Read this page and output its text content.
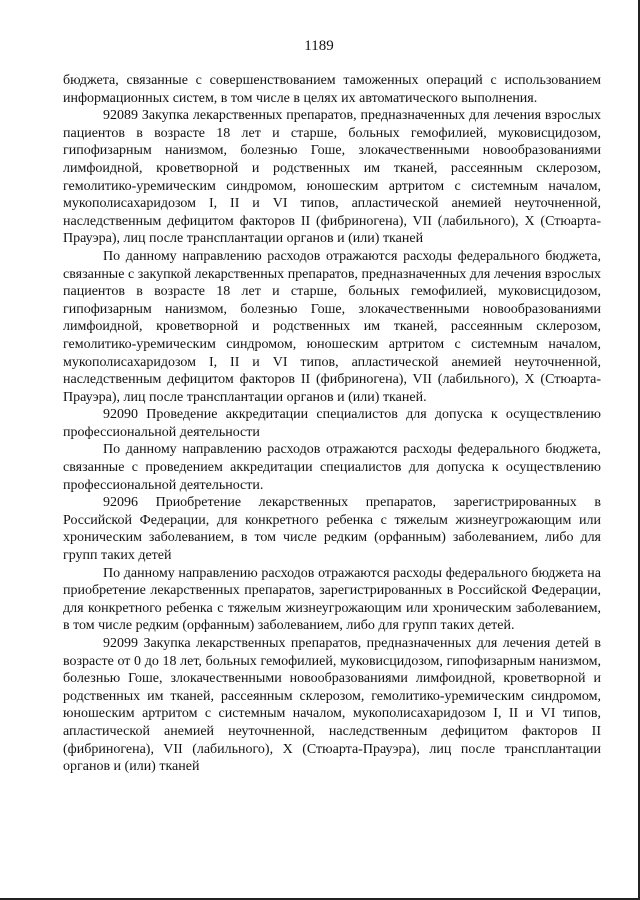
1189

бюджета, связанные с совершенствованием таможенных операций с использованием информационных систем, в том числе в целях их автоматического выполнения.

92089 Закупка лекарственных препаратов, предназначенных для лечения взрослых пациентов в возрасте 18 лет и старше, больных гемофилией, муковисцидозом, гипофизарным нанизмом, болезнью Гоше, злокачественными новообразованиями лимфоидной, кроветворной и родственных им тканей, рассеянным склерозом, гемолитико-уремическим синдромом, юношеским артритом с системным началом, мукополисахаридозом I, II и VI типов, апластической анемией неуточненной, наследственным дефицитом факторов II (фибриногена), VII (лабильного), X (Стюарта-Прауэра), лиц после трансплантации органов и (или) тканей

По данному направлению расходов отражаются расходы федерального бюджета, связанные с закупкой лекарственных препаратов, предназначенных для лечения взрослых пациентов в возрасте 18 лет и старше, больных гемофилией, муковисцидозом, гипофизарным нанизмом, болезнью Гоше, злокачественными новообразованиями лимфоидной, кроветворной и родственных им тканей, рассеянным склерозом, гемолитико-уремическим синдромом, юношеским артритом с системным началом, мукополисахаридозом I, II и VI типов, апластической анемией неуточненной, наследственным дефицитом факторов II (фибриногена), VII (лабильного), X (Стюарта-Прауэра), лиц после трансплантации органов и (или) тканей.

92090 Проведение аккредитации специалистов для допуска к осуществлению профессиональной деятельности

По данному направлению расходов отражаются расходы федерального бюджета, связанные с проведением аккредитации специалистов для допуска к осуществлению профессиональной деятельности.

92096 Приобретение лекарственных препаратов, зарегистрированных в Российской Федерации, для конкретного ребенка с тяжелым жизнеугрожающим или хроническим заболеванием, в том числе редким (орфанным) заболеванием, либо для групп таких детей

По данному направлению расходов отражаются расходы федерального бюджета на приобретение лекарственных препаратов, зарегистрированных в Российской Федерации, для конкретного ребенка с тяжелым жизнеугрожающим или хроническим заболеванием, в том числе редким (орфанным) заболеванием, либо для групп таких детей.

92099 Закупка лекарственных препаратов, предназначенных для лечения детей в возрасте от 0 до 18 лет, больных гемофилией, муковисцидозом, гипофизарным нанизмом, болезнью Гоше, злокачественными новообразованиями лимфоидной, кроветворной и родственных им тканей, рассеянным склерозом, гемолитико-уремическим синдромом, юношеским артритом с системным началом, мукополисахаридозом I, II и VI типов, апластической анемией неуточненной, наследственным дефицитом факторов II (фибриногена), VII (лабильного), X (Стюарта-Прауэра), лиц после трансплантации органов и (или) тканей
